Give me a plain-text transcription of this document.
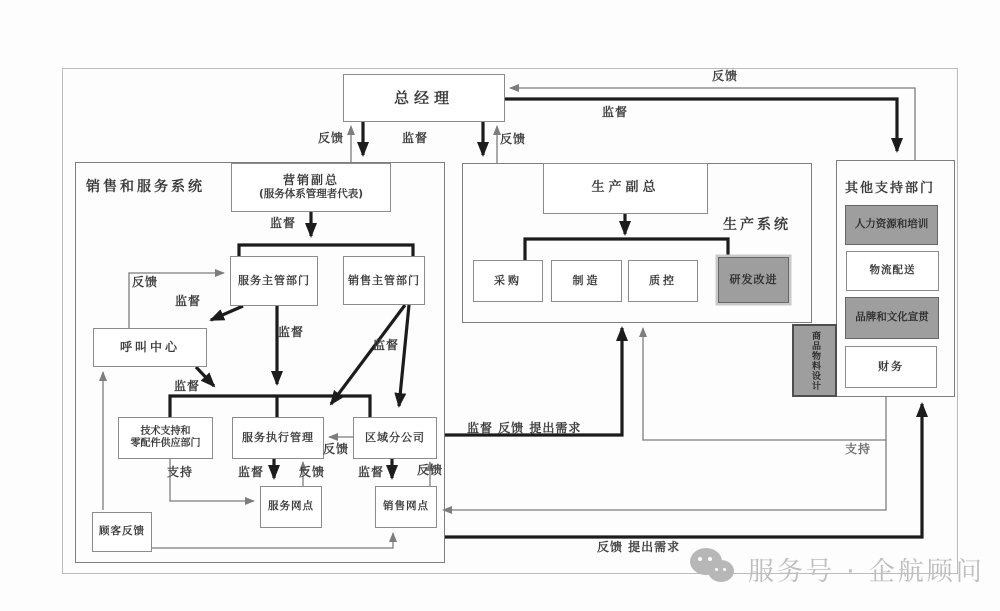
销售和服务系统
生产系统
其他支持部门
总经理
营销副总
(服务体系管理者代表)
服务主管部门	销售主管部门
呼叫中心
技术支持和
零配件供应部门	服务执行管理	区域分公司
服务网点	销售网点
顾客反馈
生产副总
采购	制造	质控	研发改进
商品物料设计
人力资源和培训
物流配送
品牌和文化宣贯
财务
反馈	监督	反馈
反馈
监督
监督
反馈
监督
监督
监督
监督
监督 反馈 提出需求
反馈
监督	反馈	监督	反馈
支持
支持
反馈 提出需求
服务号 · 企航顾问
